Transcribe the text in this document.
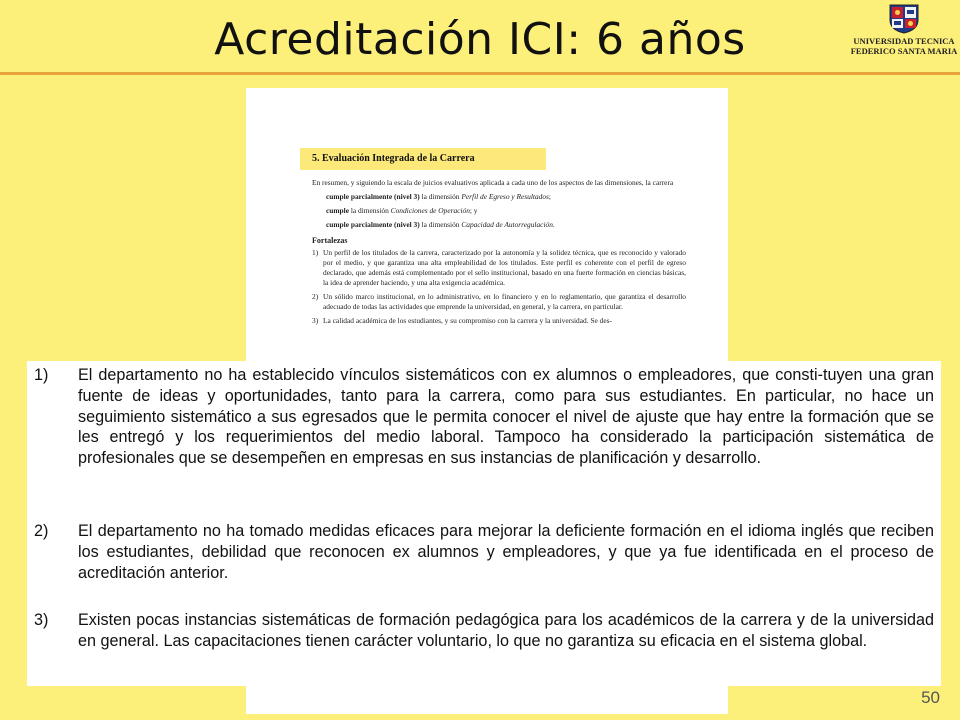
Acreditación ICI: 6 años	UNIVERSIDAD TECNICA
FEDERICO SANTA MARIA
5. Evaluación Integrada de la Carrera

En resumen, y siguiendo la escala de juicios evaluativos aplicada a cada uno de los aspectos de las dimensiones, la carrera

cumple parcialmente (nivel 3) la dimensión Perfil de Egreso y Resultados;

cumple la dimensión Condiciones de Operación; y

cumple parcialmente (nivel 3) la dimensión Capacidad de Autorregulación.

Fortalezas
1) Un perfil de los titulados de la carrera, caracterizado por la autonomía y la solidez técnica, que es reconocido y valorado por el medio, y que garantiza una alta empleabilidad de los titulados. Este perfil es coherente con el perfil de egreso declarado, que además está complementado por el sello institucional, basado en una fuerte formación en ciencias básicas, la idea de aprender haciendo, y una alta exigencia académica.
2) Un sólido marco institucional, en lo administrativo, en lo financiero y en lo reglamentario, que garantiza el desarrollo adecuado de todas las actividades que emprende la universidad, en general, y la carrera, en particular.
3) La calidad académica de los estudiantes, y su compromiso con la carrera y la universidad. Se des-
1)	El departamento no ha establecido vínculos sistemáticos con ex alumnos o empleadores, que consti-tuyen una gran fuente de ideas y oportunidades, tanto para la carrera, como para sus estudiantes. En particular, no hace un seguimiento sistemático a sus egresados que le permita conocer el nivel de ajuste que hay entre la formación que se les entregó y los requerimientos del medio laboral. Tampoco ha considerado la participación sistemática de profesionales que se desempeñen en empresas en sus instancias de planificación y desarrollo.
2)	El departamento no ha tomado medidas eficaces para mejorar la deficiente formación en el idioma inglés que reciben los estudiantes, debilidad que reconocen ex alumnos y empleadores, y que ya fue identificada en el proceso de acreditación anterior.
3)	Existen pocas instancias sistemáticas de formación pedagógica para los académicos de la carrera y de la universidad en general. Las capacitaciones tienen carácter voluntario, lo que no garantiza su eficacia en el sistema global.
50
